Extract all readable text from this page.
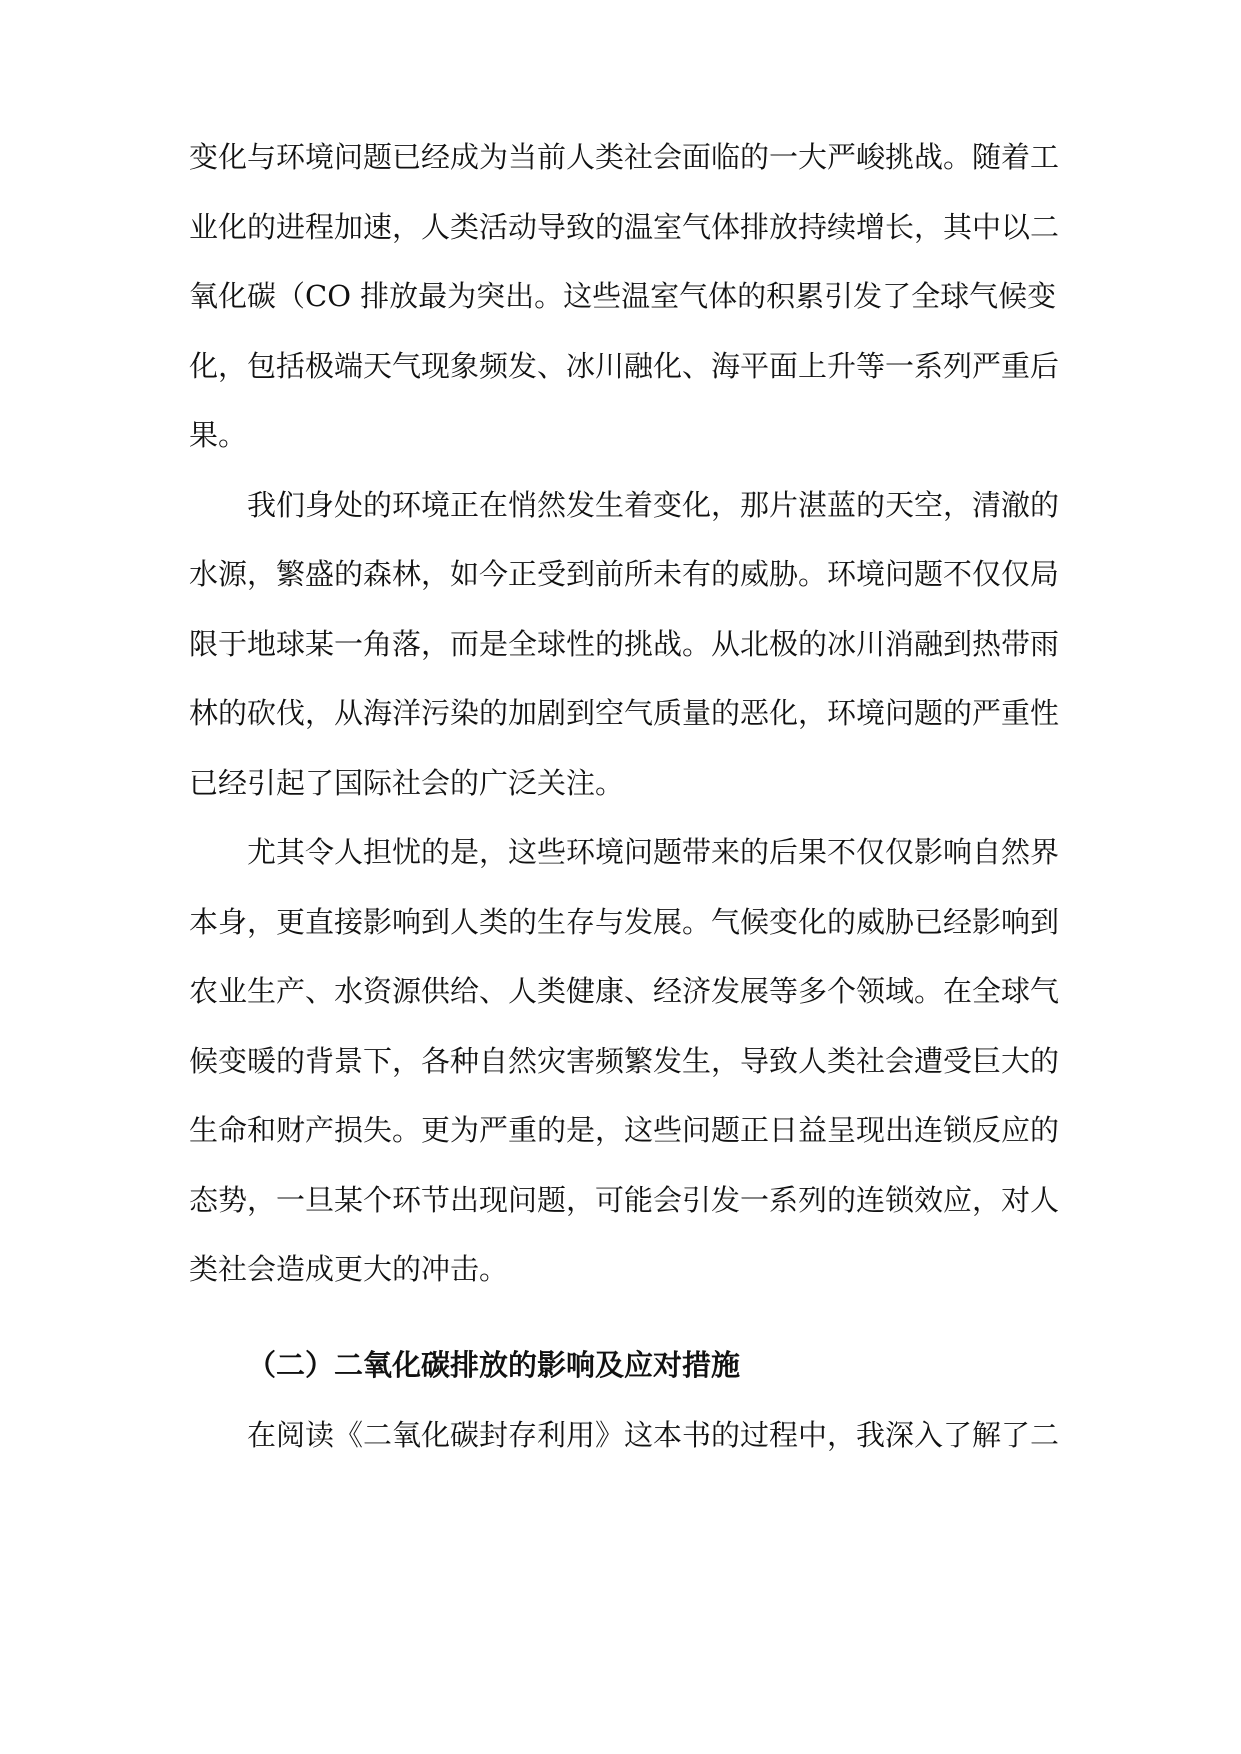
变化与环境问题已经成为当前人类社会面临的一大严峻挑战。随着工
业化的进程加速，人类活动导致的温室气体排放持续增长，其中以二
氧化碳（CO 排放最为突出。这些温室气体的积累引发了全球气候变
化，包括极端天气现象频发、冰川融化、海平面上升等一系列严重后
果。
我们身处的环境正在悄然发生着变化，那片湛蓝的天空，清澈的
水源，繁盛的森林，如今正受到前所未有的威胁。环境问题不仅仅局
限于地球某一角落，而是全球性的挑战。从北极的冰川消融到热带雨
林的砍伐，从海洋污染的加剧到空气质量的恶化，环境问题的严重性
已经引起了国际社会的广泛关注。
尤其令人担忧的是，这些环境问题带来的后果不仅仅影响自然界
本身，更直接影响到人类的生存与发展。气候变化的威胁已经影响到
农业生产、水资源供给、人类健康、经济发展等多个领域。在全球气
候变暖的背景下，各种自然灾害频繁发生，导致人类社会遭受巨大的
生命和财产损失。更为严重的是，这些问题正日益呈现出连锁反应的
态势，一旦某个环节出现问题，可能会引发一系列的连锁效应，对人
类社会造成更大的冲击。
（二）二氧化碳排放的影响及应对措施
在阅读《二氧化碳封存利用》这本书的过程中，我深入了解了二
